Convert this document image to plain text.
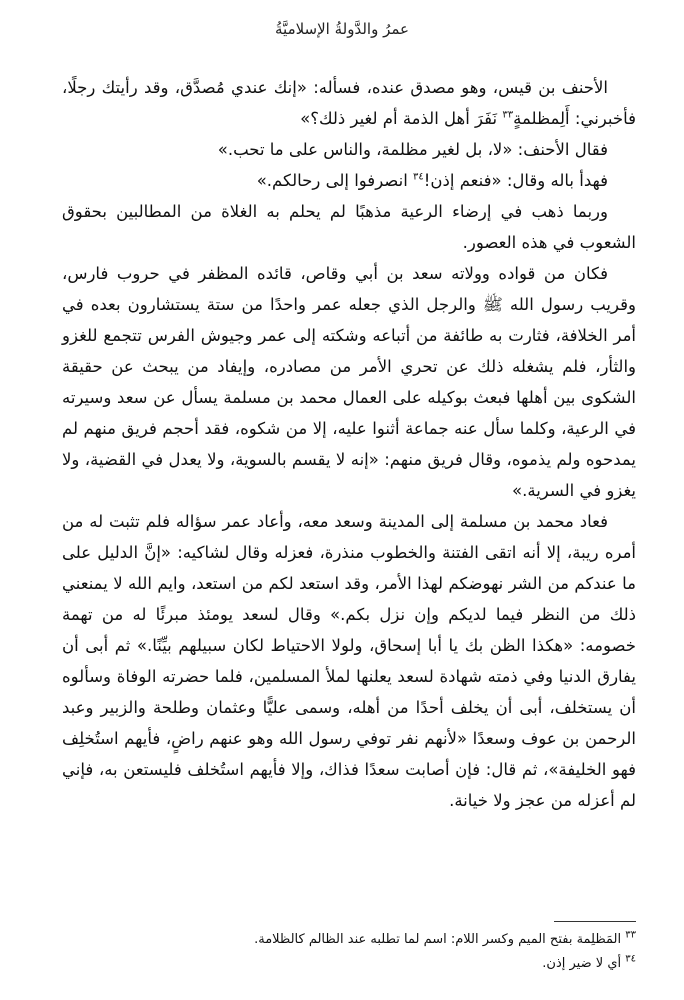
عمرُ والدَّولةُ الإسلاميَّةُ

الأحنف بن قيس، وهو مصدق عنده، فسأله: «إنك عندي مُصدَّق، وقد رأيتك رجلًا، فأخبرني: أَلِمظلمةٍ$^{٣٣}$ نَفَرَ أهل الذمة أم لغير ذلك؟»

فقال الأحنف: «لا، بل لغير مظلمة، والناس على ما تحب.»

فهدأ باله وقال: «فنعم إذن!$^{٣٤}$ انصرفوا إلى رحالكم.»

وربما ذهب في إرضاء الرعية مذهبًا لم يحلم به الغلاة من المطالبين بحقوق الشعوب في هذه العصور.

فكان من قواده وولاته سعد بن أبي وقاص، قائده المظفر في حروب فارس، وقريب رسول الله ﷺ والرجل الذي جعله عمر واحدًا من ستة يستشارون بعده في أمر الخلافة، فثارت به طائفة من أتباعه وشكته إلى عمر وجيوش الفرس تتجمع للغزو والثأر، فلم يشغله ذلك عن تحري الأمر من مصادره، وإيفاد من يبحث عن حقيقة الشكوى بين أهلها فبعث بوكيله على العمال محمد بن مسلمة يسأل عن سعد وسيرته في الرعية، وكلما سأل عنه جماعة أثنوا عليه، إلا من شكوه، فقد أحجم فريق منهم لم يمدحوه ولم يذموه، وقال فريق منهم: «إنه لا يقسم بالسوية، ولا يعدل في القضية، ولا يغزو في السرية.»

فعاد محمد بن مسلمة إلى المدينة وسعد معه، وأعاد عمر سؤاله فلم تثبت له من أمره ريبة، إلا أنه اتقى الفتنة والخطوب منذرة، فعزله وقال لشاكيه: «إنَّ الدليل على ما عندكم من الشر نهوضكم لهذا الأمر، وقد استعد لكم من استعد، وايم الله لا يمنعني ذلك من النظر فيما لديكم وإن نزل بكم.» وقال لسعد يومئذ مبرئًا له من تهمة خصومه: «هكذا الظن بك يا أبا إسحاق، ولولا الاحتياط لكان سبيلهم بيِّنًا.» ثم أبى أن يفارق الدنيا وفي ذمته شهادة لسعد يعلنها لملأ المسلمين، فلما حضرته الوفاة وسألوه أن يستخلف، أبى أن يخلف أحدًا من أهله، وسمى عليًّا وعثمان وطلحة والزبير وعبد الرحمن بن عوف وسعدًا «لأنهم نفر توفي رسول الله وهو عنهم راضٍ، فأيهم استُخلِف فهو الخليفة»، ثم قال: فإن أصابت سعدًا فذاك، وإلا فأيهم استُخلف فليستعن به، فإني لم أعزله من عجز ولا خيانة.

$^{٣٣}$ المَظلِمة بفتح الميم وكسر اللام: اسم لما تطلبه عند الظالم كالظلامة.

$^{٣٤}$ أي لا ضير إذن.
